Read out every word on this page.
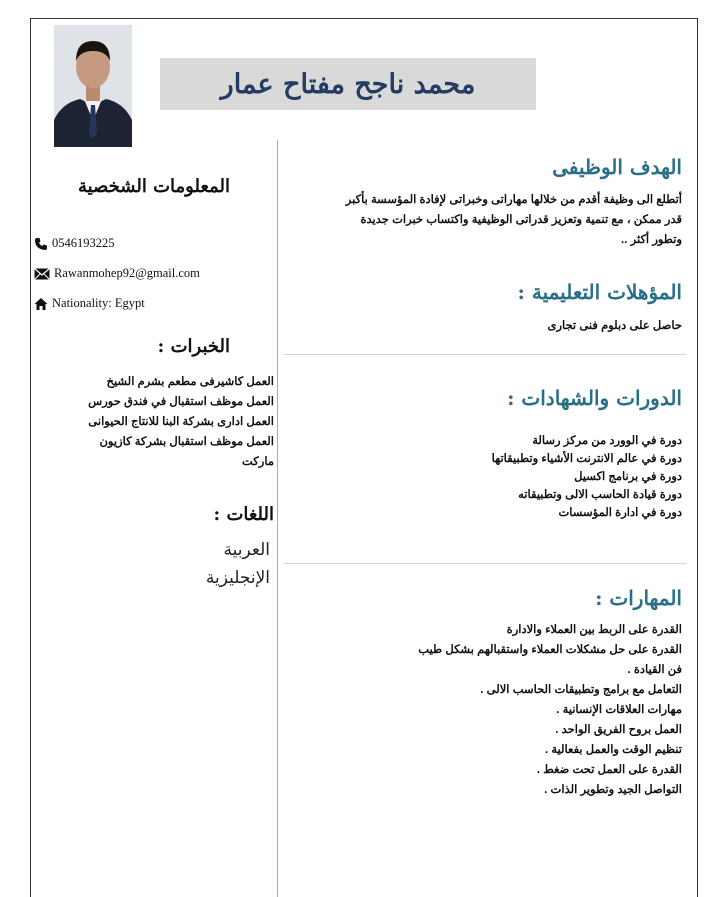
محمد ناجح مفتاح عمار
المعلومات الشخصية
0546193225
Rawanmohep92@gmail.com
Nationality: Egypt
الخبرات :
العمل كاشيرفى مطعم بشرم الشيخ
العمل موظف استقبال في فندق حورس
العمل ادارى بشركة البنا للانتاج الحيوانى
العمل موظف استقبال بشركة كازيون
ماركت
اللغات :
العربية
الإنجليزية
الهدف الوظيفى
أتطلع الى وظيفة أقدم من خلالها مهاراتى وخبراتى لإفادة المؤسسة بأكبر
قدر ممكن ، مع تنمية وتعزيز قدراتى الوظيفية واكتساب خبرات جديدة
وتطور أكثر ..
المؤهلات التعليمية :
حاصل على دبلوم فنى تجارى
الدورات والشهادات :
دورة في الوورد من مركز رسالة
دورة في عالم الانترنت الأشياء وتطبيقاتها
دورة في برنامج اكسيل
دورة قيادة الحاسب الالى وتطبيقاته
دورة في ادارة المؤسسات
المهارات :
القدرة على الربط بين العملاء والادارة
القدرة على حل مشكلات العملاء واستقبالهم بشكل طيب
فن القيادة .
التعامل مع برامج وتطبيقات الحاسب الالى .
مهارات العلاقات الإنسانية .
العمل بروح الفريق الواحد .
تنظيم الوقت والعمل بفعالية .
القدرة على العمل تحت ضغط .
التواصل الجيد وتطوير الذات .
